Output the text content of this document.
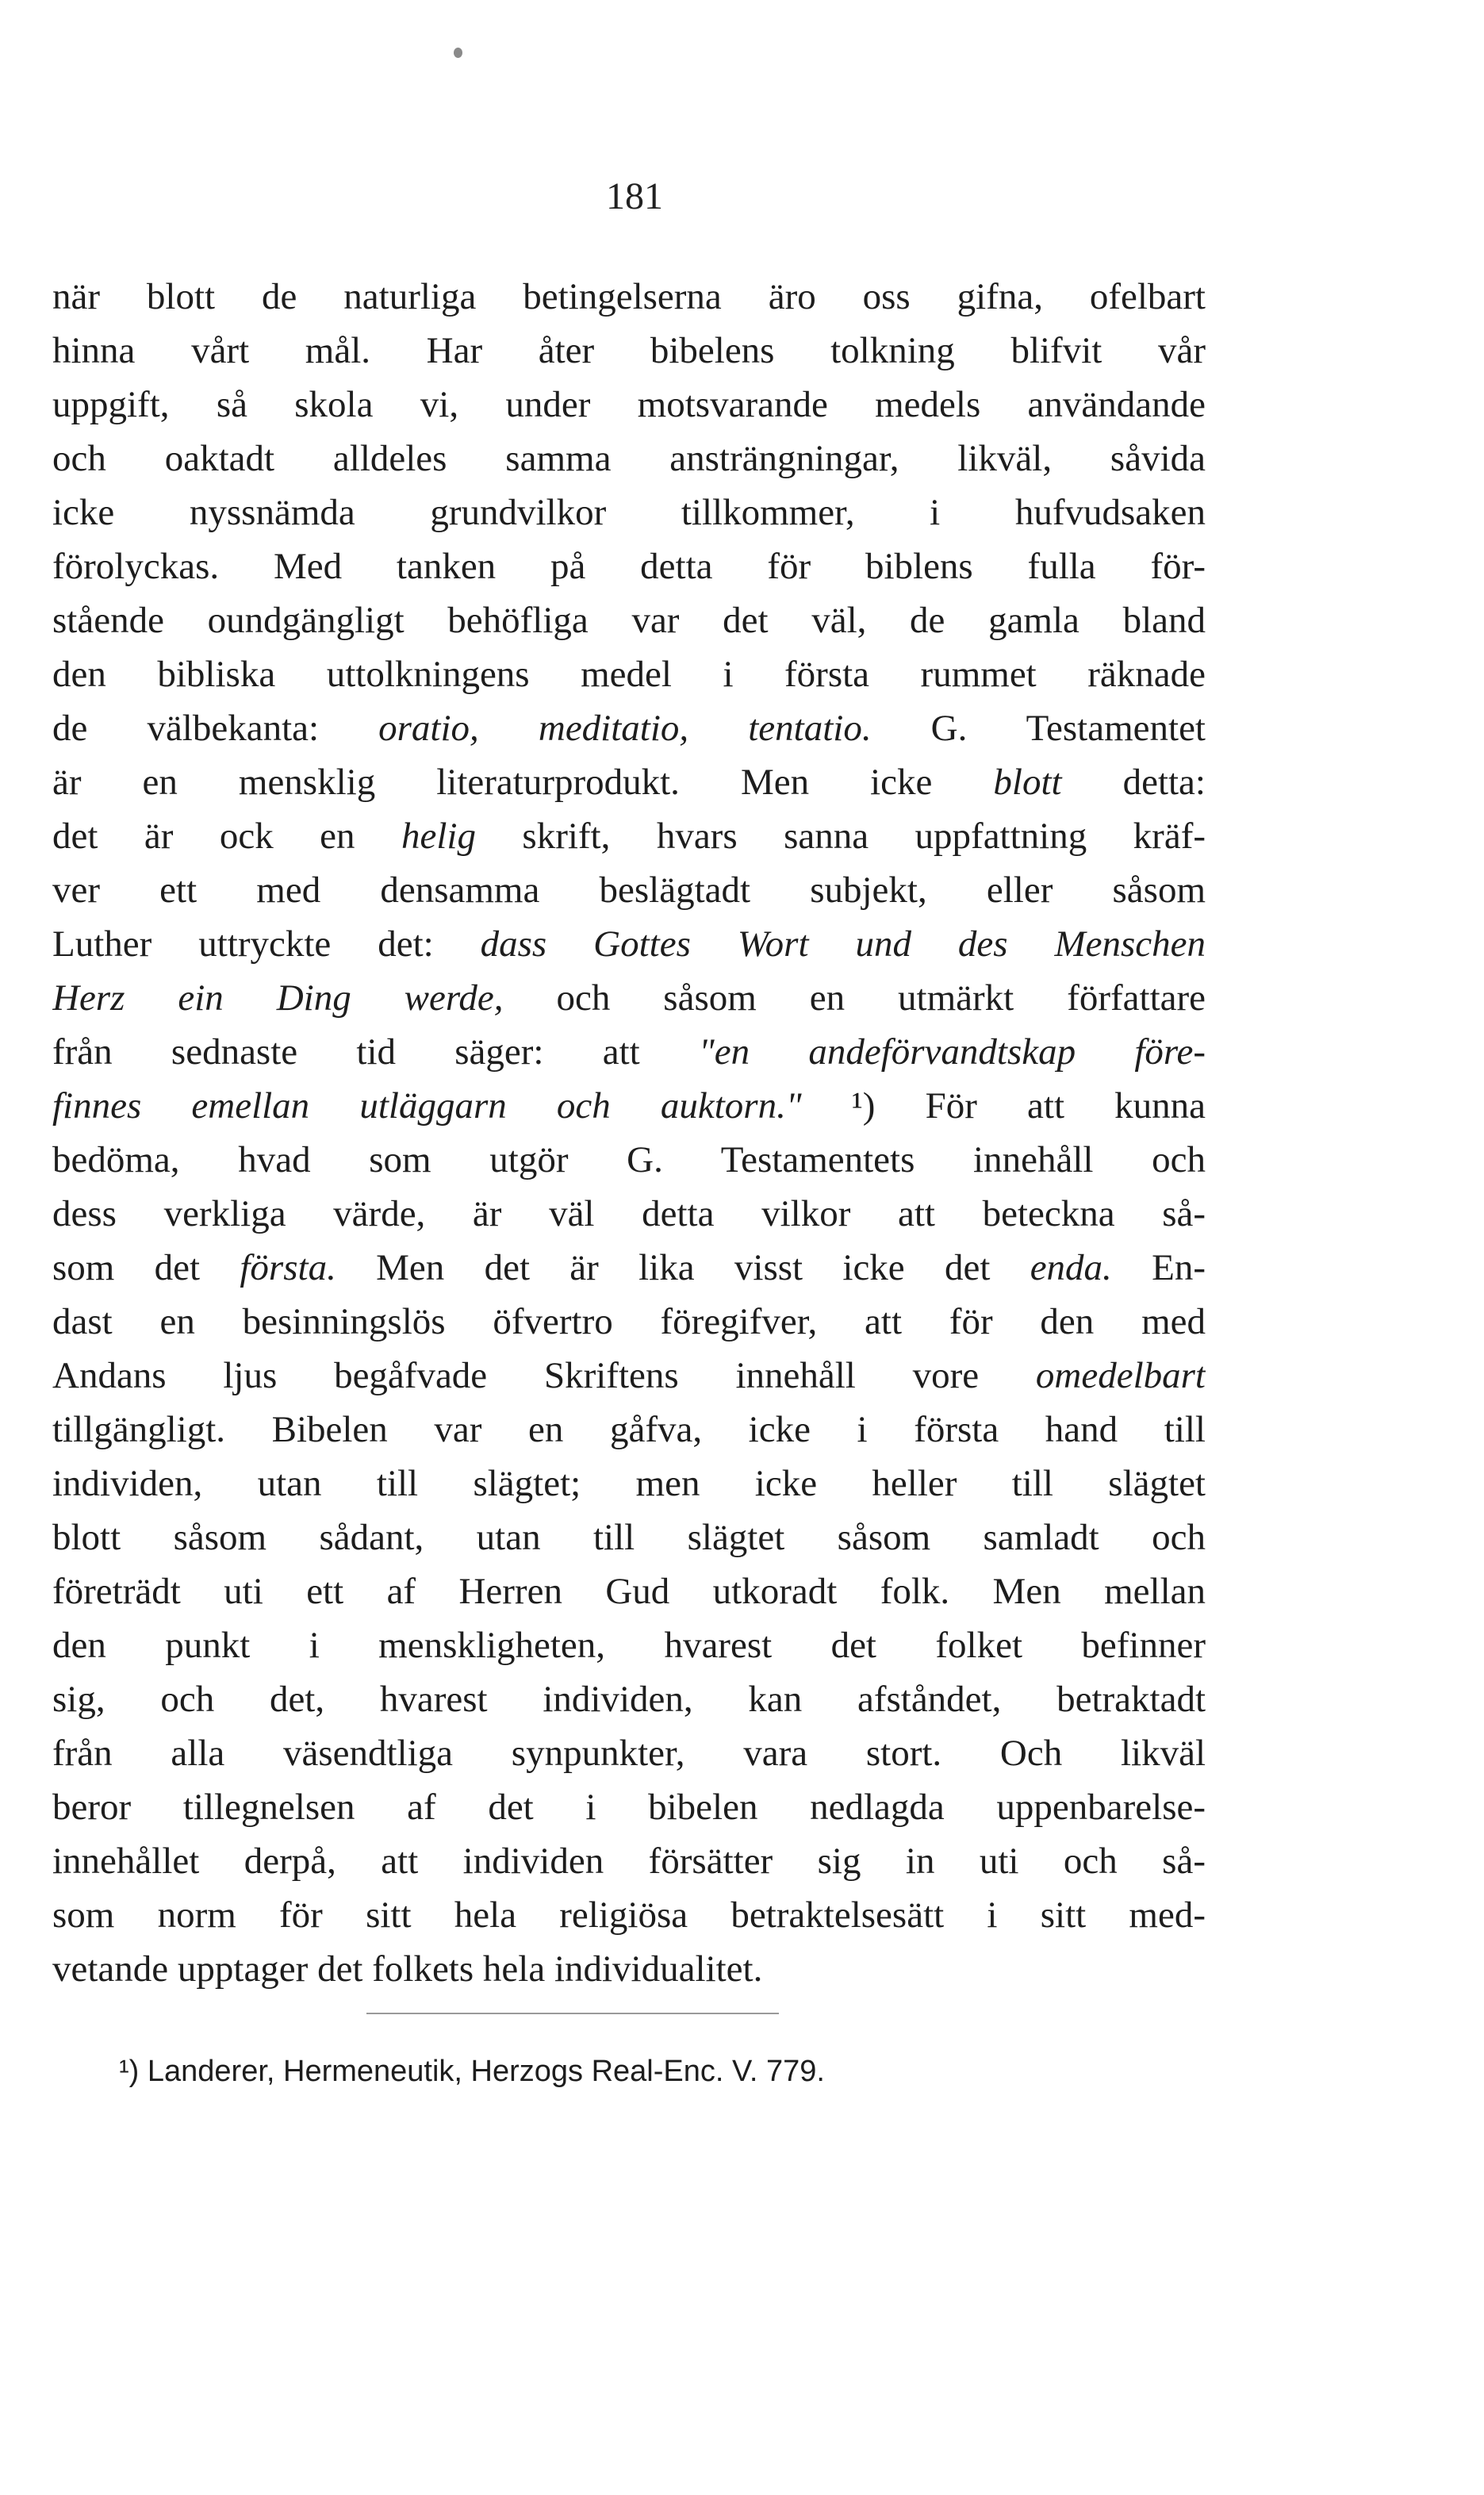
181
när blott de naturliga betingelserna äro oss gifna, ofelbart
hinna vårt mål. Har åter bibelens tolkning blifvit vår
uppgift, så skola vi, under motsvarande medels användande
och oaktadt alldeles samma ansträngningar, likväl, såvida
icke nyssnämda grundvilkor tillkommer, i hufvudsaken
förolyckas. Med tanken på detta för biblens fulla för-
stående oundgängligt behöfliga var det väl, de gamla bland
den bibliska uttolkningens medel i första rummet räknade
de välbekanta: oratio, meditatio, tentatio. G. Testamentet
är en mensklig literaturprodukt. Men icke blott detta:
det är ock en helig skrift, hvars sanna uppfattning kräf-
ver ett med densamma beslägtadt subjekt, eller såsom
Luther uttryckte det: dass Gottes Wort und des Menschen
Herz ein Ding werde, och såsom en utmärkt författare
från sednaste tid säger: att "en andeförvandtskap före-
finnes emellan utläggarn och auktorn." ¹) För att kunna
bedöma, hvad som utgör G. Testamentets innehåll och
dess verkliga värde, är väl detta vilkor att beteckna så-
som det första. Men det är lika visst icke det enda. En-
dast en besinningslös öfvertro föregifver, att för den med
Andans ljus begåfvade Skriftens innehåll vore omedelbart
tillgängligt. Bibelen var en gåfva, icke i första hand till
individen, utan till slägtet; men icke heller till slägtet
blott såsom sådant, utan till slägtet såsom samladt och
företrädt uti ett af Herren Gud utkoradt folk. Men mellan
den punkt i menskligheten, hvarest det folket befinner
sig, och det, hvarest individen, kan afståndet, betraktadt
från alla väsendtliga synpunkter, vara stort. Och likväl
beror tillegnelsen af det i bibelen nedlagda uppenbarelse-
innehållet derpå, att individen försätter sig in uti och så-
som norm för sitt hela religiösa betraktelsesätt i sitt med-
vetande upptager det folkets hela individualitet.
¹) Landerer, Hermeneutik, Herzogs Real-Enc. V. 779.
